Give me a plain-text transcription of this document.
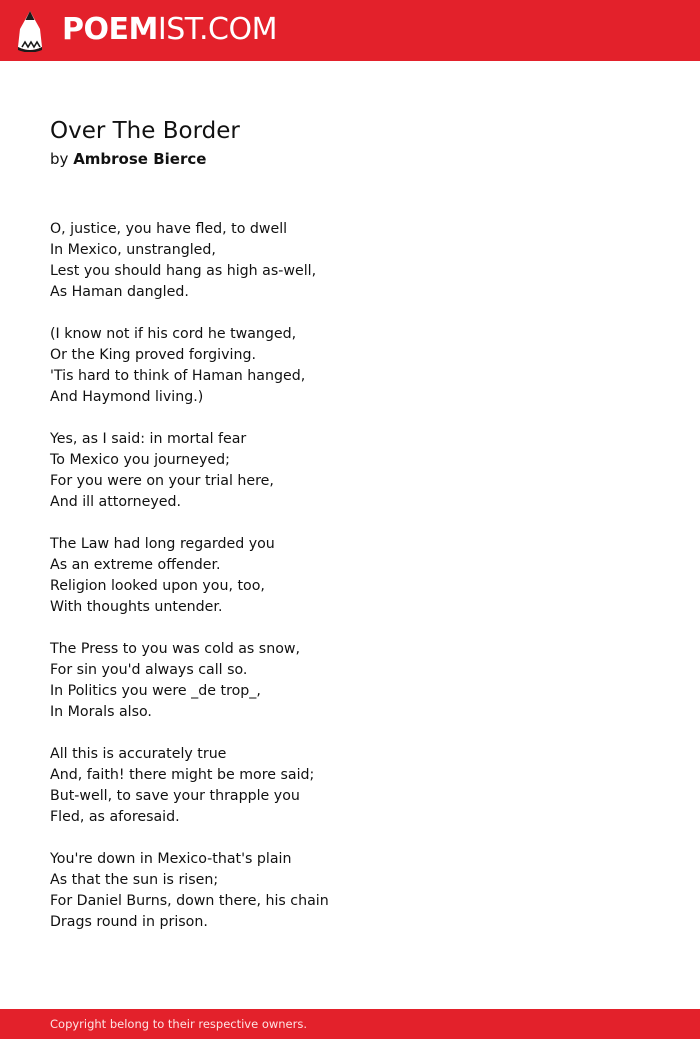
POEMIST.COM
Over The Border
by Ambrose Bierce
O, justice, you have fled, to dwell
In Mexico, unstrangled,
Lest you should hang as high as-well,
As Haman dangled.
(I know not if his cord he twanged,
Or the King proved forgiving.
'Tis hard to think of Haman hanged,
And Haymond living.)
Yes, as I said: in mortal fear
To Mexico you journeyed;
For you were on your trial here,
And ill attorneyed.
The Law had long regarded you
As an extreme offender.
Religion looked upon you, too,
With thoughts untender.
The Press to you was cold as snow,
For sin you'd always call so.
In Politics you were _de trop_,
In Morals also.
All this is accurately true
And, faith! there might be more said;
But-well, to save your thrapple you
Fled, as aforesaid.
You're down in Mexico-that's plain
As that the sun is risen;
For Daniel Burns, down there, his chain
Drags round in prison.
Copyright belong to their respective owners.
